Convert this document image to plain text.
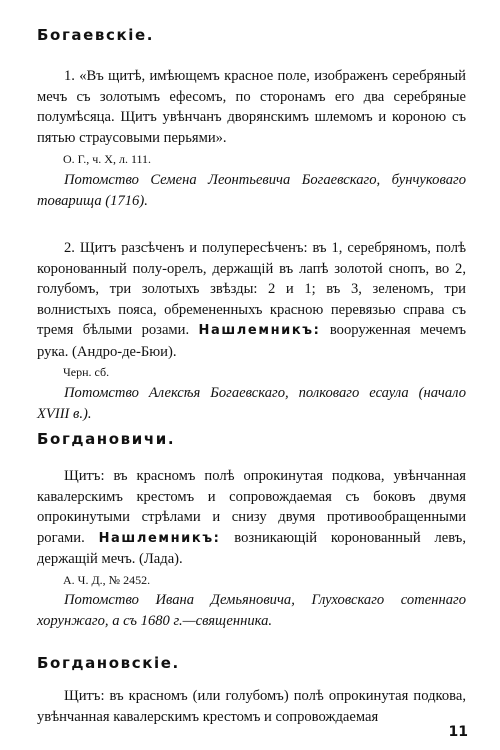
Богаевскіе.

1. «Въ щитѣ, имѣющемъ красное поле, изображенъ серебряный мечъ съ золотымъ ефесомъ, по сторонамъ его два серебряные полумѣсяца. Щитъ увѣнчанъ дворянскимъ шлемомъ и короною съ пятью страусовыми перьями».

О. Г., ч. X, л. 111.

Потомство Семена Леонтьевича Богаевскаго, бунчуковаго товарища (1716).

2. Щитъ разсѣченъ и полупересѣченъ: въ 1, серебряномъ, полѣ коронованный полу-орелъ, держащій въ лапѣ золотой снопъ, во 2, голубомъ, три золотыхъ звѣзды: 2 и 1; въ 3, зеленомъ, три волнистыхъ пояса, обремененныхъ красною перевязью справа съ тремя бѣлыми розами. Нашлемникъ: вооруженная мечемъ рука. (Андро-де-Бюи).

Черн. сб.

Потомство Алексѣя Богаевскаго, полковаго есаула (начало XVIII в.).

Богдановичи.

Щитъ: въ красномъ полѣ опрокинутая подкова, увѣнчанная кавалерскимъ крестомъ и сопровождаемая съ боковъ двумя опрокинутыми стрѣлами и снизу двумя противообращенными рогами. Нашлемникъ: возникающій коронованный левъ, держащій мечъ. (Лада).

А. Ч. Д., № 2452.

Потомство Ивана Демьяновича, Глуховскаго сотеннаго хорунжаго, а съ 1680 г.—священника.

Богдановскіе.

Щитъ: въ красномъ (или голубомъ) полѣ опрокинутая подкова, увѣнчанная кавалерскимъ крестомъ и сопровождаемая

11
